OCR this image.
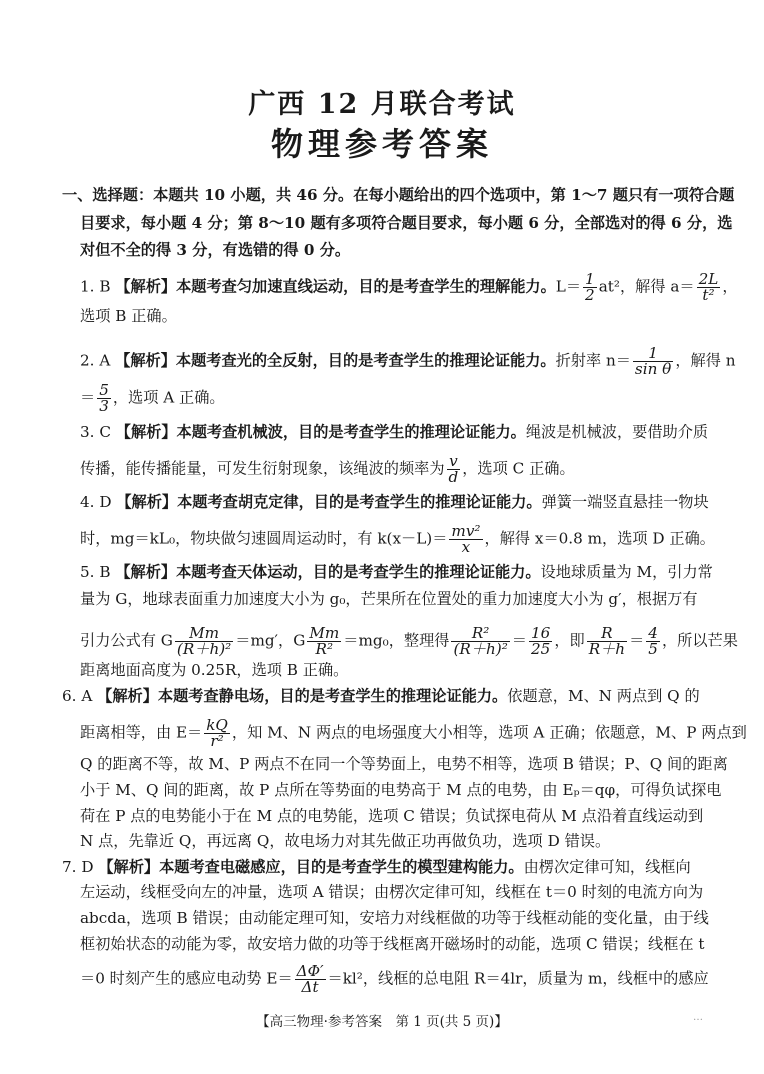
广西 12 月联合考试
物理参考答案
一、选择题：本题共 10 小题，共 46 分。在每小题给出的四个选项中，第 1～7 题只有一项符合题
目要求，每小题 4 分；第 8～10 题有多项符合题目要求，每小题 6 分，全部选对的得 6 分，选
对但不全的得 3 分，有选错的得 0 分。
1. B 【解析】本题考查匀加速直线运动，目的是考查学生的理解能力。$L= \frac{1}{2} at^2$，解得 $a= \frac{2L}{\text{t²}}$ ，
选项 B 正确。
2. A 【解析】本题考查光的全反射，目的是考查学生的推理论证能力。折射率 $n= \frac{1}{\text{sin θ}}$ ，解得 n
＝ $\frac{5}{3}$ ，选项 A 正确。
3. C 【解析】本题考查机械波，目的是考查学生的推理论证能力。绳波是机械波，要借助介质
传播，能传播能量，可发生衍射现象，该绳波的频率为 $\frac{v}{d}$ ，选项 C 正确。
4. D 【解析】本题考查胡克定律，目的是考查学生的推理论证能力。弹簧一端竖直悬挂一物块
时，mg＝kL₀，物块做匀速圆周运动时，有 $k(x-L)= \frac{\text{mv²}}{x}$ ，解得 x＝0.8 m，选项 D 正确。
5. B 【解析】本题考查天体运动，目的是考查学生的推理论证能力。设地球质量为 M，引力常
量为 G，地球表面重力加速度大小为 g₀，芒果所在位置处的重力加速度大小为 g′，根据万有
引力公式有 G $\frac{Mm}{\text{(R＋h)²}} =mg'$，G $\frac{Mm}{\text{R²}} =mg_0$，整理得 $\frac{\text{R²}}{\text{(R＋h)²}} = \frac{16}{25}$ ，即 $\frac{R}{R+h} = \frac{4}{5}$ ，所以芒果
距离地面高度为 0.25R，选项 B 正确。
6. A 【解析】本题考查静电场，目的是考查学生的推理论证能力。依题意，M、N 两点到 Q 的
距离相等，由 $E= \frac{kQ}{\text{r²}}$ ，知 M、N 两点的电场强度大小相等，选项 A 正确；依题意，M、P 两点到
Q 的距离不等，故 M、P 两点不在同一个等势面上，电势不相等，选项 B 错误；P、Q 间的距离
小于 M、Q 间的距离，故 P 点所在等势面的电势高于 M 点的电势，由 Eₚ＝qφ，可得负试探电
荷在 P 点的电势能小于在 M 点的电势能，选项 C 错误；负试探电荷从 M 点沿着直线运动到
N 点，先靠近 Q，再远离 Q，故电场力对其先做正功再做负功，选项 D 错误。
7. D 【解析】本题考查电磁感应，目的是考查学生的模型建构能力。由楞次定律可知，线框向
左运动，线框受向左的冲量，选项 A 错误；由楞次定律可知，线框在 t＝0 时刻的电流方向为
abcda，选项 B 错误；由动能定理可知，安培力对线框做的功等于线框动能的变化量，由于线
框初始状态的动能为零，故安培力做的功等于线框离开磁场时的动能，选项 C 错误；线框在 t
＝0 时刻产生的感应电动势 $E= \frac{\Delta\Phi'}{\Delta t} =kl^2$，线框的总电阻 R＝4lr，质量为 m，线框中的感应
【高三物理·参考答案　第 1 页(共 5 页)】	…
